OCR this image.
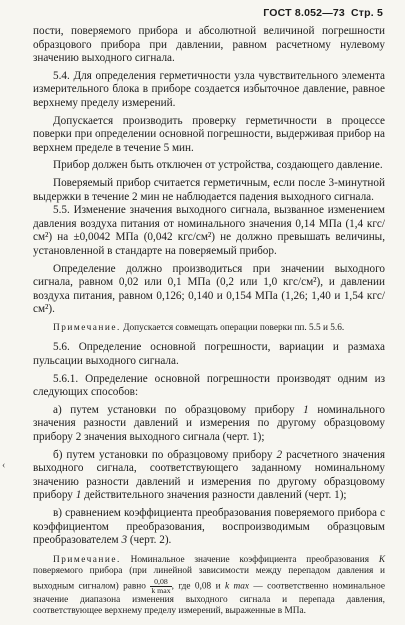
ГОСТ 8.052—73 Стр. 5
‹

пости, поверяемого прибора и абсолютной величиной погрешности образцового прибора при давлении, равном расчетному нулевому значению выходного сигнала.

5.4. Для определения герметичности узла чувствительного элемента измерительного блока в приборе создается избыточное давление, равное верхнему пределу измерений.

Допускается производить проверку герметичности в процессе поверки при определении основной погрешности, выдерживая прибор на верхнем пределе в течение 5 мин.

Прибор должен быть отключен от устройства, создающего давление.

Поверяемый прибор считается герметичным, если после 3-минутной выдержки в течение 2 мин не наблюдается падения выходного сигнала.

5.5. Изменение значения выходного сигнала, вызванное изменением давления воздуха питания от номинального значения 0,14 МПа (1,4 кгс/см²) на ±0,0042 МПа (0,042 кгс/см²) не должно превышать величины, установленной в стандарте на поверяемый прибор.

Определение должно производиться при значении выходного сигнала, равном 0,02 или 0,1 МПа (0,2 или 1,0 кгс/см²), и давлении воздуха питания, равном 0,126; 0,140 и 0,154 МПа (1,26; 1,40 и 1,54 кгс/см²).

Примечание. Допускается совмещать операции поверки пп. 5.5 и 5.6.

5.6. Определение основной погрешности, вариации и размаха пульсации выходного сигнала.

5.6.1. Определение основной погрешности производят одним из следующих способов:

а) путем установки по образцовому прибору 1 номинального значения разности давлений и измерения по другому образцовому прибору 2 значения выходного сигнала (черт. 1);

б) путем установки по образцовому прибору 2 расчетного значения выходного сигнала, соответствующего заданному номинальному значению разности давлений и измерения по другому образцовому прибору 1 действительного значения разности давлений (черт. 1);

в) сравнением коэффициента преобразования поверяемого прибора с коэффициентом преобразования, воспроизводимым образцовым преобразователем 3 (черт. 2).

Примечание. Номинальное значение коэффициента преобразования K поверяемого прибора (при линейной зависимости между перепадом давления и выходным сигналом) равно $\frac{0,08}{\text{k max}}$ , где 0,08 и k max — соответственно номинальное значение диапазона изменения выходного сигнала и перепада давления, соответствующее верхнему пределу измерений, выраженные в МПа.
